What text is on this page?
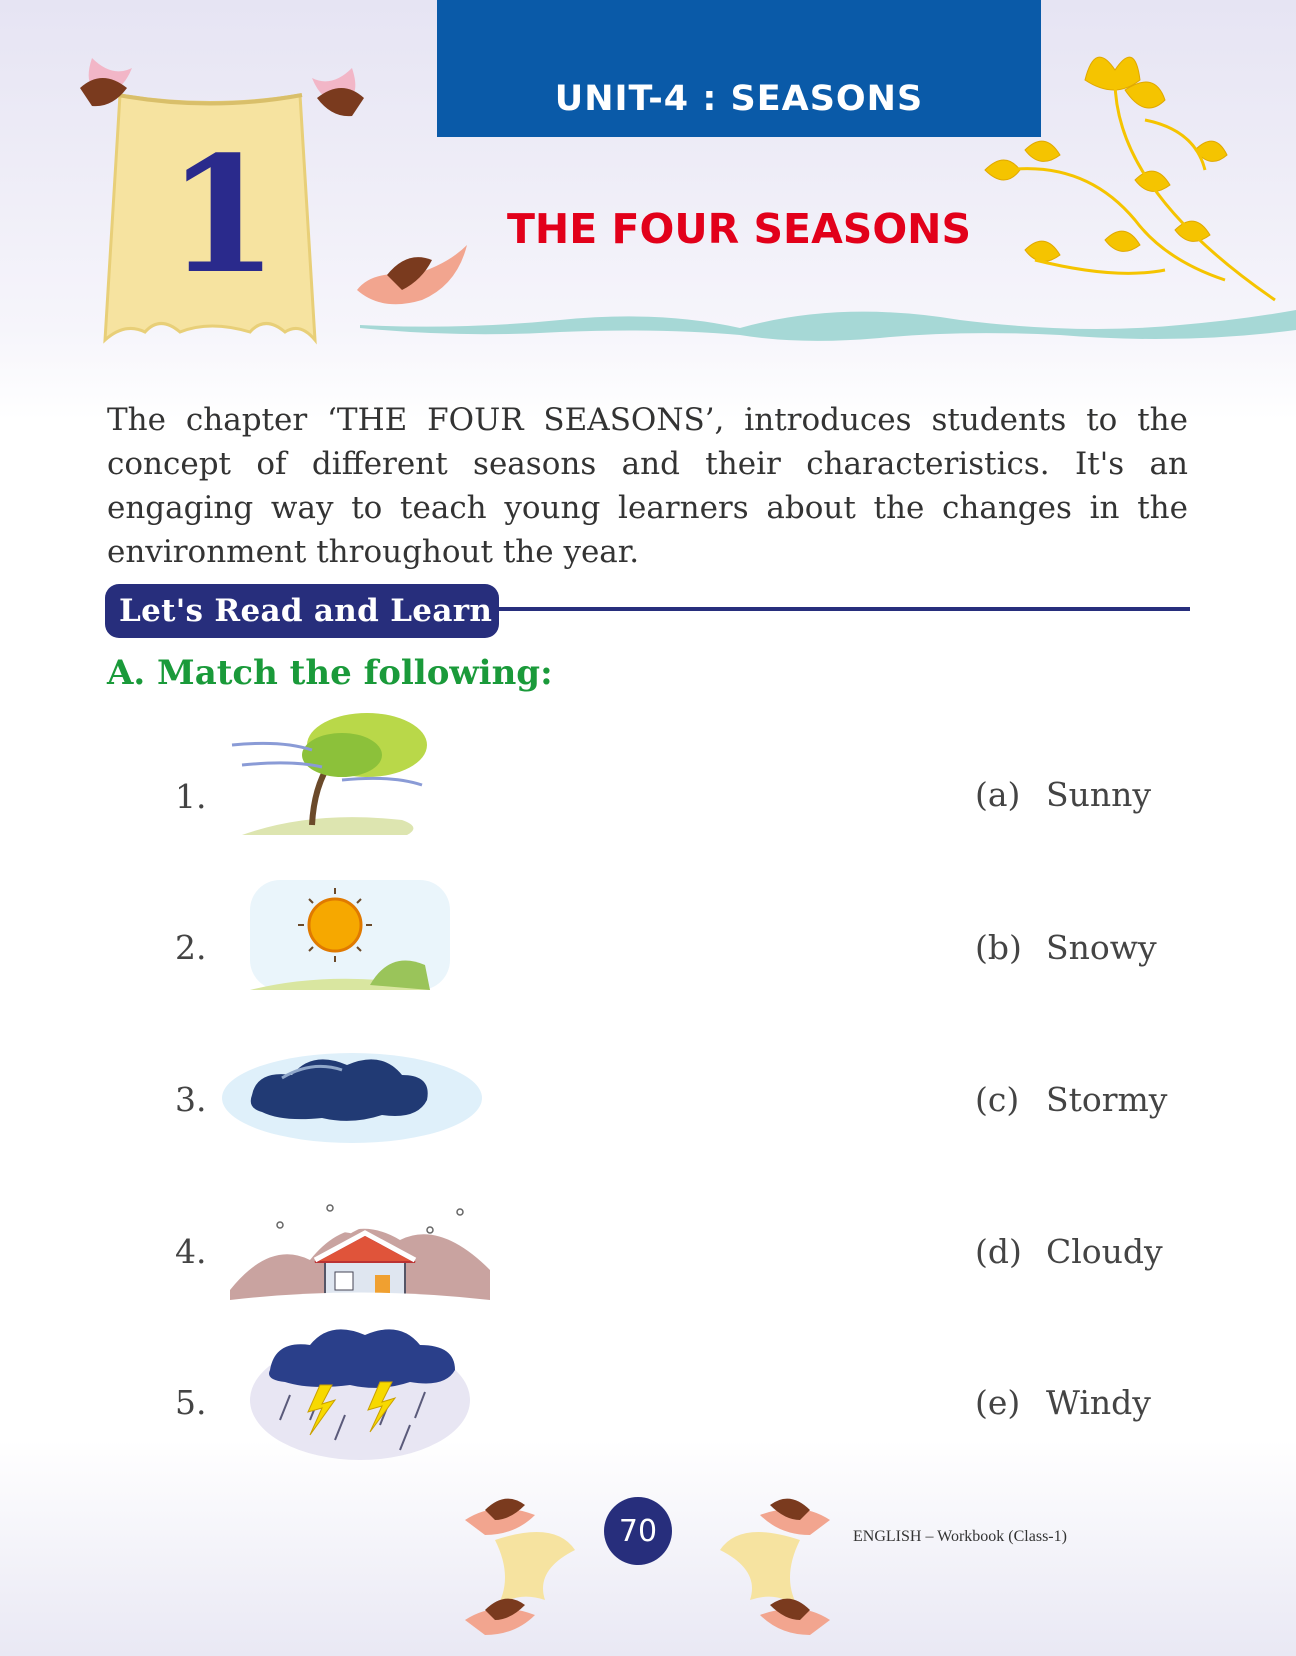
UNIT-4 : SEASONS
1	THE FOUR SEASONS

The chapter ‘THE FOUR SEASONS’, introduces students to the concept of different seasons and their characteristics. It's an engaging way to teach young learners about the changes in the environment throughout the year.

Let's Read and Learn
A. Match the following:
1.	(a) Sunny
2.	(b) Snowy
3.	(c) Stormy
4.	(d) Cloudy
5.	(e) Windy
70	ENGLISH – Workbook (Class-1)
